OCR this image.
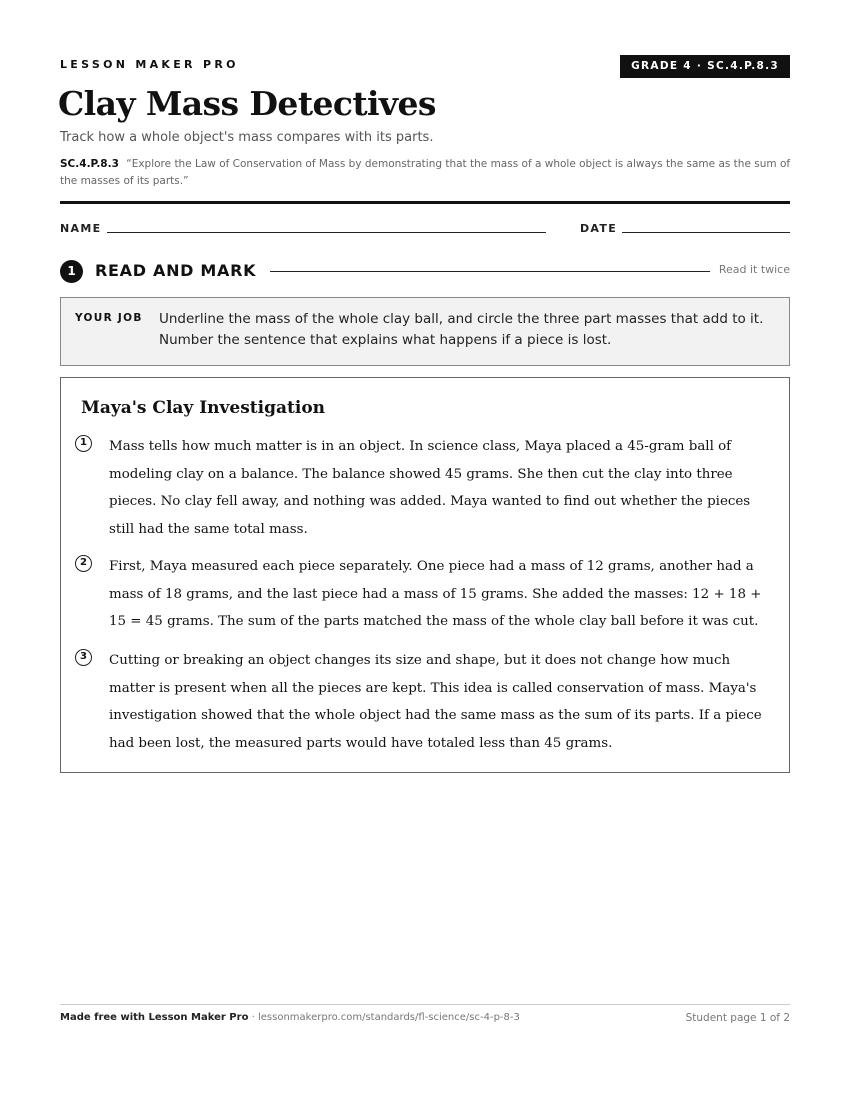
LESSON MAKER PRO	GRADE 4 · SC.4.P.8.3
Clay Mass Detectives
Track how a whole object's mass compares with its parts.
SC.4.P.8.3 “Explore the Law of Conservation of Mass by demonstrating that the mass of a whole object is always the same as the sum of the masses of its parts.”
NAME	DATE
1	READ AND MARK	Read it twice
YOUR JOB Underline the mass of the whole clay ball, and circle the three part masses that add to it. Number the sentence that explains what happens if a piece is lost.
Maya's Clay Investigation
1	Mass tells how much matter is in an object. In science class, Maya placed a 45-gram ball of modeling clay on a balance. The balance showed 45 grams. She then cut the clay into three pieces. No clay fell away, and nothing was added. Maya wanted to find out whether the pieces still had the same total mass.

2	First, Maya measured each piece separately. One piece had a mass of 12 grams, another had a mass of 18 grams, and the last piece had a mass of 15 grams. She added the masses: 12 + 18 + 15 = 45 grams. The sum of the parts matched the mass of the whole clay ball before it was cut.

3	Cutting or breaking an object changes its size and shape, but it does not change how much matter is present when all the pieces are kept. This idea is called conservation of mass. Maya's investigation showed that the whole object had the same mass as the sum of its parts. If a piece had been lost, the measured parts would have totaled less than 45 grams.

Made free with Lesson Maker Pro · lessonmakerpro.com/standards/fl-science/sc-4-p-8-3	Student page 1 of 2
